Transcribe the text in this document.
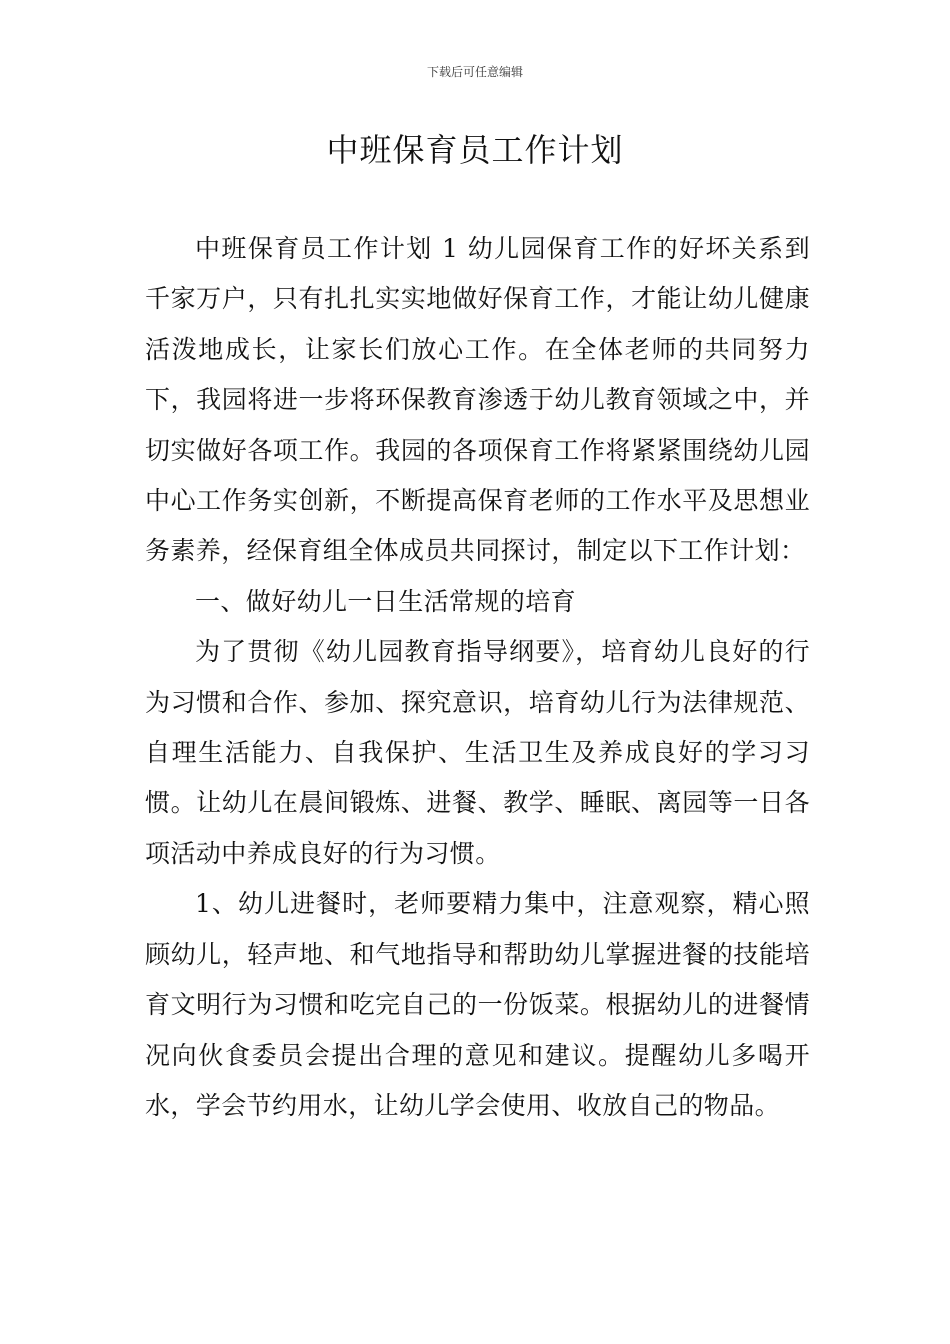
下载后可任意编辑
中班保育员工作计划

中班保育员工作计划 1 幼儿园保育工作的好坏关系到千家万户，只有扎扎实实地做好保育工作，才能让幼儿健康活泼地成长，让家长们放心工作。在全体老师的共同努力下，我园将进一步将环保教育渗透于幼儿教育领域之中，并切实做好各项工作。我园的各项保育工作将紧紧围绕幼儿园中心工作务实创新，不断提高保育老师的工作水平及思想业务素养，经保育组全体成员共同探讨，制定以下工作计划：

一、做好幼儿一日生活常规的培育

为了贯彻《幼儿园教育指导纲要》，培育幼儿良好的行为习惯和合作、参加、探究意识，培育幼儿行为法律规范、自理生活能力、自我保护、生活卫生及养成良好的学习习惯。让幼儿在晨间锻炼、进餐、教学、睡眠、离园等一日各项活动中养成良好的行为习惯。

1、幼儿进餐时，老师要精力集中，注意观察，精心照顾幼儿，轻声地、和气地指导和帮助幼儿掌握进餐的技能培育文明行为习惯和吃完自己的一份饭菜。根据幼儿的进餐情况向伙食委员会提出合理的意见和建议。提醒幼儿多喝开水，学会节约用水，让幼儿学会使用、收放自己的物品。
